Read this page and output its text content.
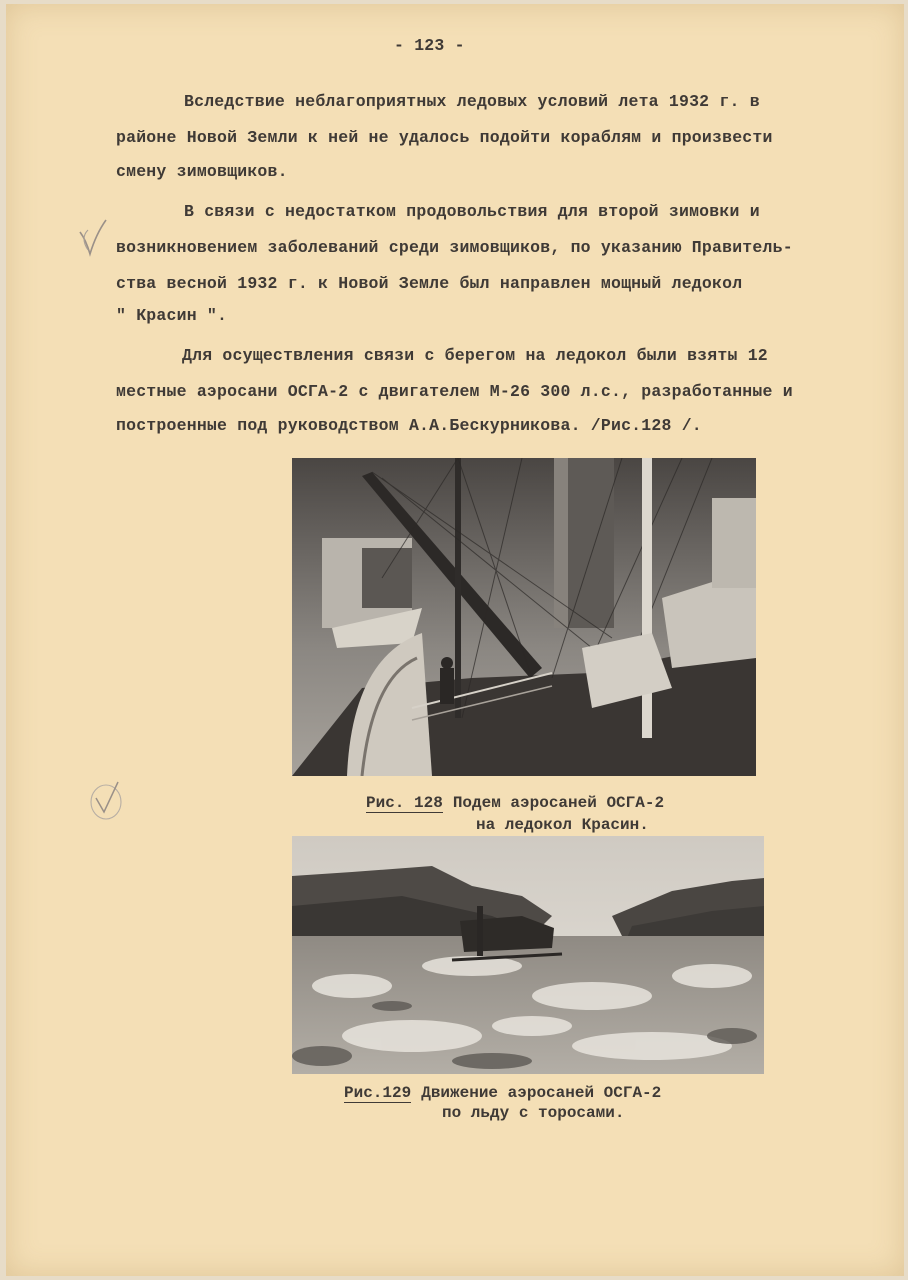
- 123 -
Вследствие неблагоприятных ледовых условий лета 1932 г. в
районе Новой Земли к ней не удалось подойти кораблям и произвести
смену зимовщиков.
В связи с недостатком продовольствия для второй зимовки и
возникновением заболеваний среди зимовщиков, по указанию Правитель-
ства весной 1932 г. к Новой Земле был направлен мощный ледокол
" Красин ".
Для осуществления связи с берегом на ледокол были взяты 12
местные аэросани ОСГА-2 с двигателем М-26 300 л.с., разработанные и
построенные под руководством А.А.Бескурникова. /Рис.128 /.
Рис. 128 Подем аэросаней ОСГА-2
на ледокол Красин.
Рис.129 Движение аэросаней ОСГА-2
по льду с торосами.
